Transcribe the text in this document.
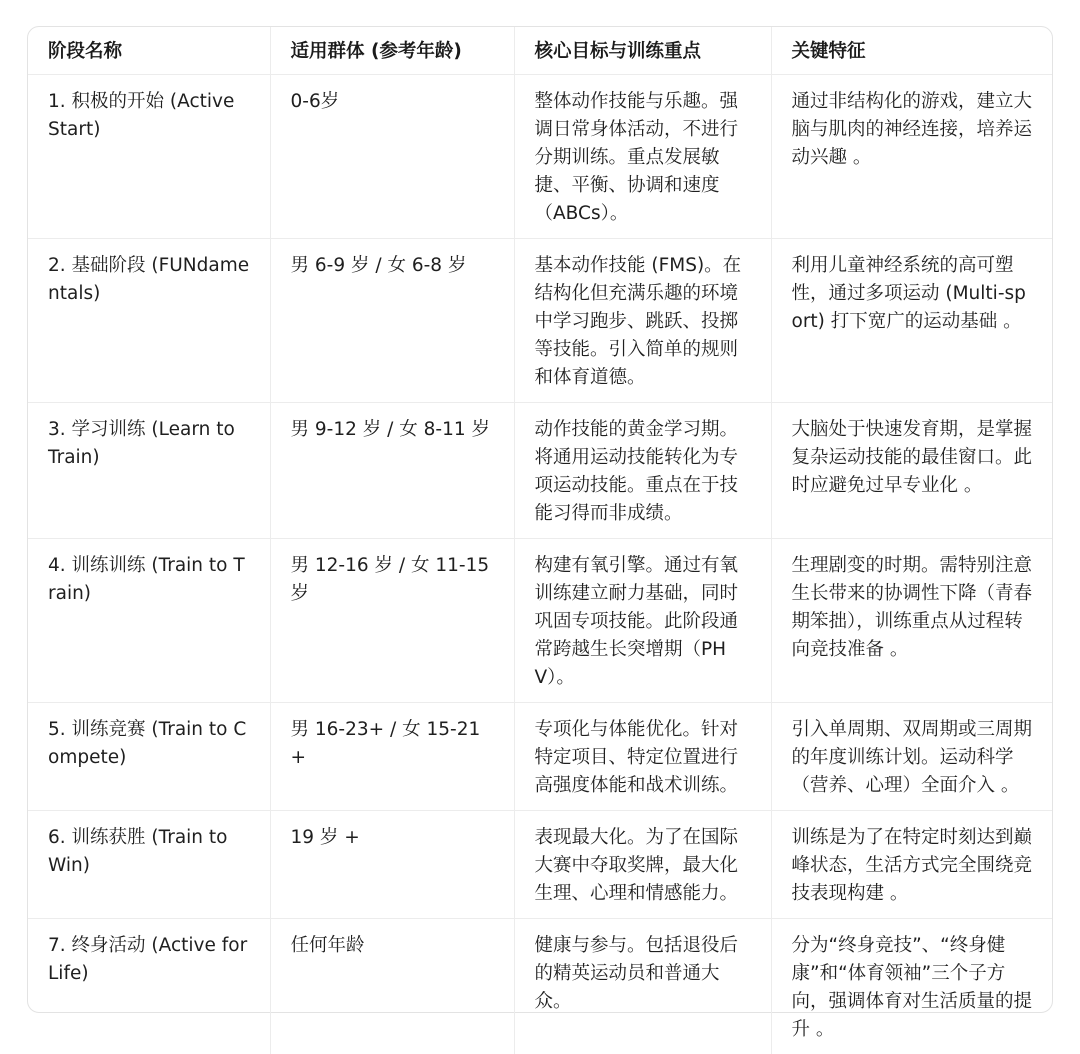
阶段名称	适用群体 (参考年龄)	核心目标与训练重点	关键特征
1. 积极的开始 (Active Start)	0-6岁	整体动作技能与乐趣。强调日常身体活动，不进行分期训练。重点发展敏捷、平衡、协调和速度（ABCs）。	通过非结构化的游戏，建立大脑与肌肉的神经连接，培养运动兴趣 。
2. 基础阶段 (FUNdamentals)	男 6-9 岁 / 女 6-8 岁	基本动作技能 (FMS)。在结构化但充满乐趣的环境中学习跑步、跳跃、投掷等技能。引入简单的规则和体育道德。	利用儿童神经系统的高可塑性，通过多项运动 (Multi-sport) 打下宽广的运动基础 。
3. 学习训练 (Learn to Train)	男 9-12 岁 / 女 8-11 岁	动作技能的黄金学习期。将通用运动技能转化为专项运动技能。重点在于技能习得而非成绩。	大脑处于快速发育期，是掌握复杂运动技能的最佳窗口。此时应避免过早专业化 。
4. 训练训练 (Train to Train)	男 12-16 岁 / 女 11-15 岁	构建有氧引擎。通过有氧训练建立耐力基础，同时巩固专项技能。此阶段通常跨越生长突增期（PHV）。	生理剧变的时期。需特别注意生长带来的协调性下降（青春期笨拙），训练重点从过程转向竞技准备 。
5. 训练竞赛 (Train to Compete)	男 16-23+ / 女 15-21+	专项化与体能优化。针对特定项目、特定位置进行高强度体能和战术训练。	引入单周期、双周期或三周期的年度训练计划。运动科学（营养、心理）全面介入 。
6. 训练获胜 (Train to Win)	19 岁 +	表现最大化。为了在国际大赛中夺取奖牌，最大化生理、心理和情感能力。	训练是为了在特定时刻达到巅峰状态，生活方式完全围绕竞技表现构建 。
7. 终身活动 (Active for Life)	任何年龄	健康与参与。包括退役后的精英运动员和普通大众。	分为“终身竞技”、“终身健康”和“体育领袖”三个子方向，强调体育对生活质量的提升 。
